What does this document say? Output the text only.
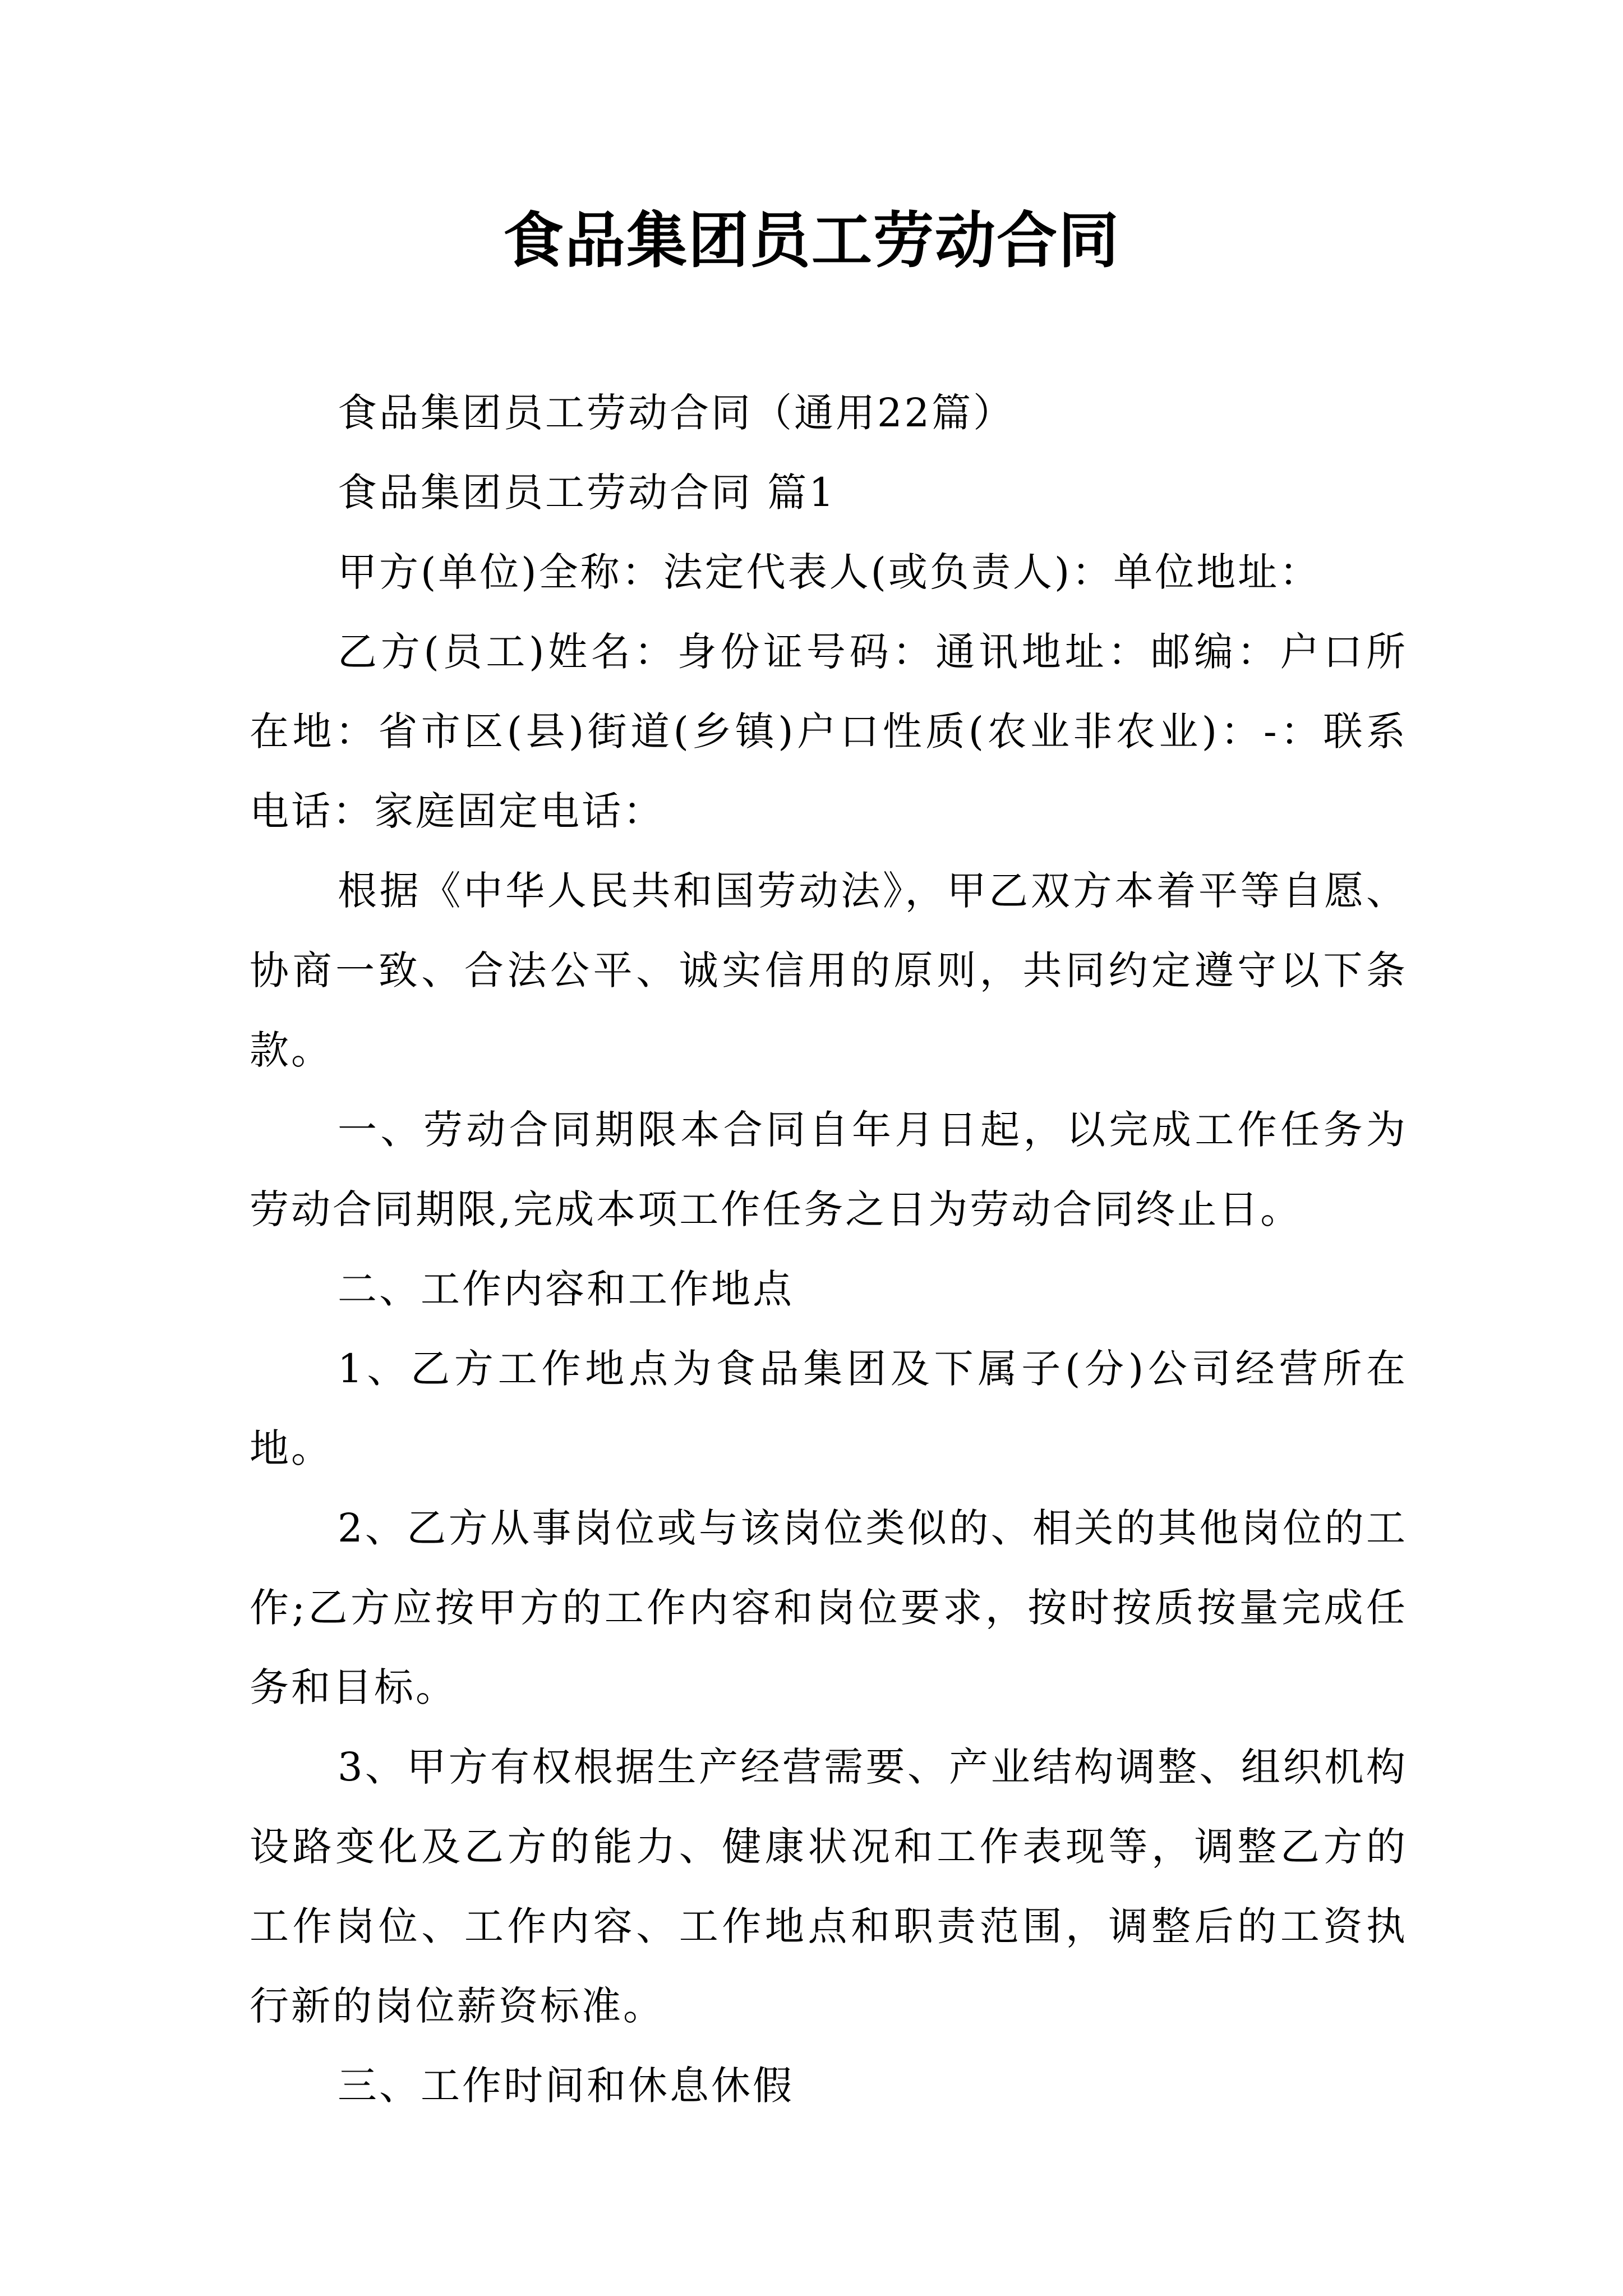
食品集团员工劳动合同

食品集团员工劳动合同（通用22篇）

食品集团员工劳动合同 篇1

甲方(单位)全称：法定代表人(或负责人)：单位地址：

乙方(员工)姓名：身份证号码：通讯地址：邮编：户口所在地：省市区(县)街道(乡镇)户口性质(农业非农业)：-：联系电话：家庭固定电话：

根据《中华人民共和国劳动法》，甲乙双方本着平等自愿、协商一致、合法公平、诚实信用的原则，共同约定遵守以下条款。

一、劳动合同期限本合同自年月日起，以完成工作任务为劳动合同期限,完成本项工作任务之日为劳动合同终止日。

二、工作内容和工作地点

1、乙方工作地点为食品集团及下属子(分)公司经营所在地。

2、乙方从事岗位或与该岗位类似的、相关的其他岗位的工作;乙方应按甲方的工作内容和岗位要求，按时按质按量完成任务和目标。

3、甲方有权根据生产经营需要、产业结构调整、组织机构设路变化及乙方的能力、健康状况和工作表现等，调整乙方的工作岗位、工作内容、工作地点和职责范围，调整后的工资执行新的岗位薪资标准。

三、工作时间和休息休假
